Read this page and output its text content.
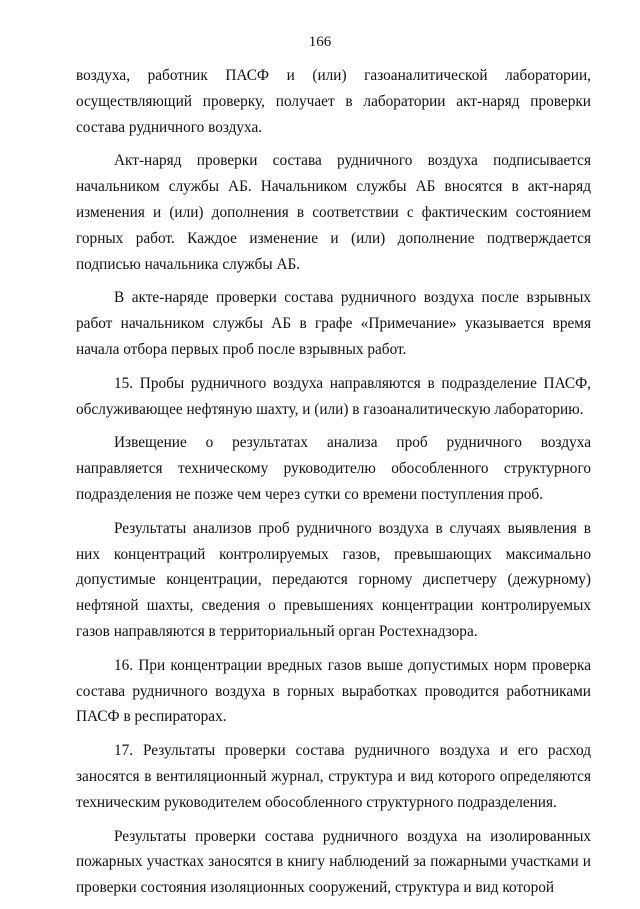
166

воздуха, работник ПАСФ и (или) газоаналитической лаборатории, осуществляющий проверку, получает в лаборатории акт-наряд проверки состава рудничного воздуха.

Акт-наряд проверки состава рудничного воздуха подписывается начальником службы АБ. Начальником службы АБ вносятся в акт-наряд изменения и (или) дополнения в соответствии с фактическим состоянием горных работ. Каждое изменение и (или) дополнение подтверждается подписью начальника службы АБ.

В акте-наряде проверки состава рудничного воздуха после взрывных работ начальником службы АБ в графе «Примечание» указывается время начала отбора первых проб после взрывных работ.

15. Пробы рудничного воздуха направляются в подразделение ПАСФ, обслуживающее нефтяную шахту, и (или) в газоаналитическую лабораторию.

Извещение о результатах анализа проб рудничного воздуха направляется техническому руководителю обособленного структурного подразделения не позже чем через сутки со времени поступления проб.

Результаты анализов проб рудничного воздуха в случаях выявления в них концентраций контролируемых газов, превышающих максимально допустимые концентрации, передаются горному диспетчеру (дежурному) нефтяной шахты, сведения о превышениях концентрации контролируемых газов направляются в территориальный орган Ростехнадзора.

16. При концентрации вредных газов выше допустимых норм проверка состава рудничного воздуха в горных выработках проводится работниками ПАСФ в респираторах.

17. Результаты проверки состава рудничного воздуха и его расход заносятся в вентиляционный журнал, структура и вид которого определяются техническим руководителем обособленного структурного подразделения.

Результаты проверки состава рудничного воздуха на изолированных пожарных участках заносятся в книгу наблюдений за пожарными участками и проверки состояния изоляционных сооружений, структура и вид которой
